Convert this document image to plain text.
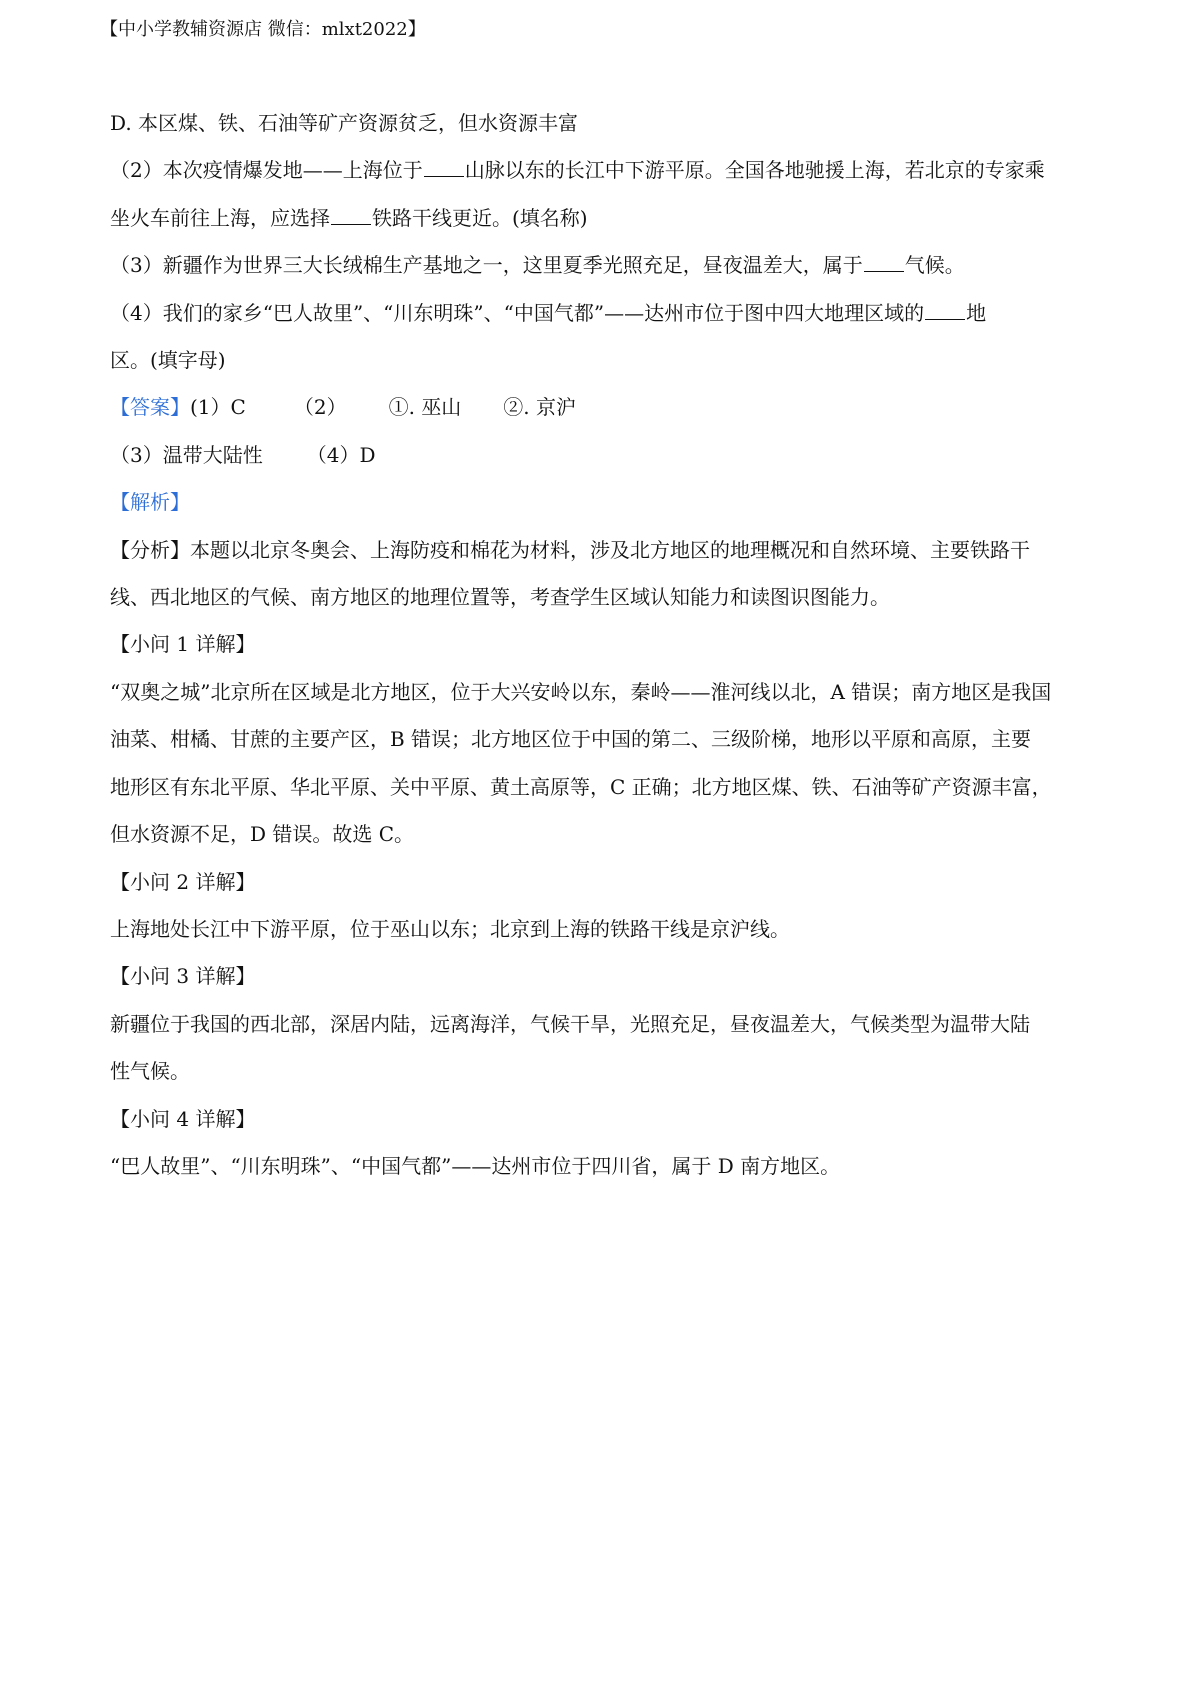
【中小学教辅资源店 微信：mlxt2022】
D. 本区煤、铁、石油等矿产资源贫乏，但水资源丰富
（2）本次疫情爆发地——上海位于 山脉以东的长江中下游平原。全国各地驰援上海，若北京的专家乘
坐火车前往上海，应选择 铁路干线更近。(填名称)
（3）新疆作为世界三大长绒棉生产基地之一，这里夏季光照充足，昼夜温差大，属于 气候。
（4）我们的家乡“巴人故里”、“川东明珠”、“中国气都”——达州市位于图中四大地理区域的 地
区。(填字母)
【答案】(1）C （2） ①. 巫山 ②. 京沪
（3）温带大陆性 （4）D
【解析】
【分析】本题以北京冬奥会、上海防疫和棉花为材料，涉及北方地区的地理概况和自然环境、主要铁路干
线、西北地区的气候、南方地区的地理位置等，考查学生区域认知能力和读图识图能力。
【小问 1 详解】
“双奥之城”北京所在区域是北方地区，位于大兴安岭以东，秦岭——淮河线以北，A 错误；南方地区是我国
油菜、柑橘、甘蔗的主要产区，B 错误；北方地区位于中国的第二、三级阶梯，地形以平原和高原，主要
地形区有东北平原、华北平原、关中平原、黄土高原等，C 正确；北方地区煤、铁、石油等矿产资源丰富，
但水资源不足，D 错误。故选 C。
【小问 2 详解】
上海地处长江中下游平原，位于巫山以东；北京到上海的铁路干线是京沪线。
【小问 3 详解】
新疆位于我国的西北部，深居内陆，远离海洋，气候干旱，光照充足，昼夜温差大，气候类型为温带大陆
性气候。
【小问 4 详解】
“巴人故里”、“川东明珠”、“中国气都”——达州市位于四川省，属于 D 南方地区。
